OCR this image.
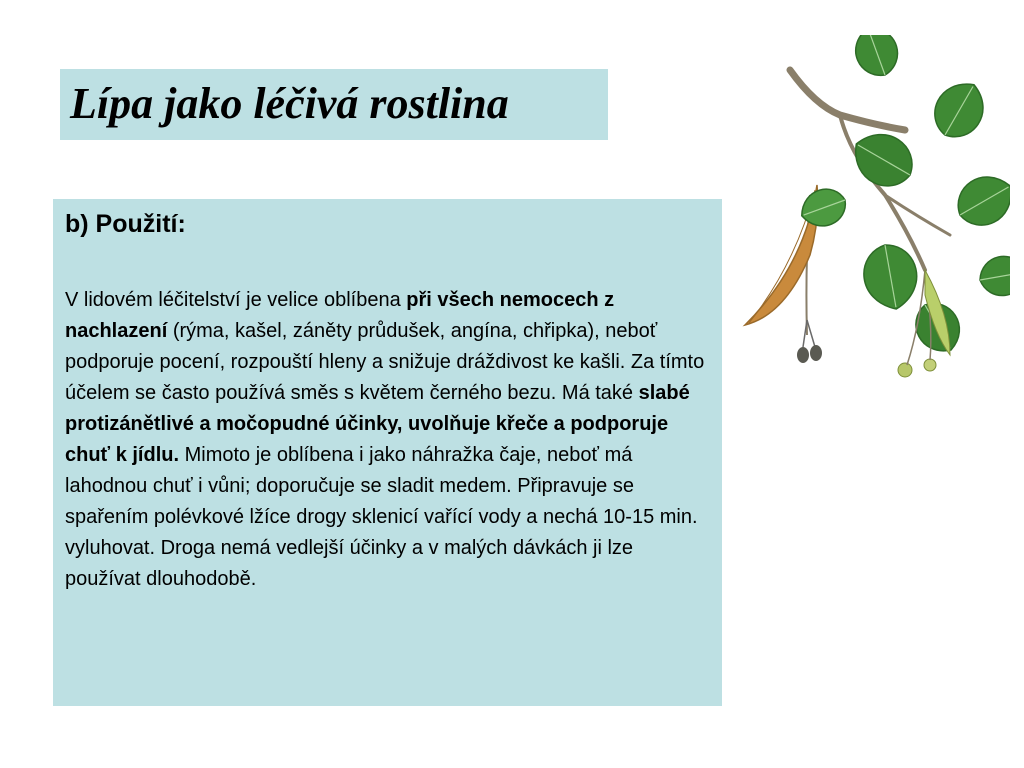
Lípa jako léčivá rostlina

b) Použití:

V lidovém léčitelství je velice oblíbena při všech nemocech z nachlazení (rýma, kašel, záněty průdušek, angína, chřipka), neboť podporuje pocení, rozpouští hleny a snižuje dráždivost ke kašli. Za tímto účelem se často používá směs s květem černého bezu. Má také slabé protizánětlivé a močopudné účinky, uvolňuje křeče a podporuje chuť k jídlu. Mimoto je oblíbena i jako náhražka čaje, neboť má lahodnou chuť i vůni; doporučuje se sladit medem. Připravuje se spařením polévkové lžíce drogy sklenicí vařící vody a nechá 10-15 min. vyluhovat. Droga nemá vedlejší účinky a v malých dávkách ji lze používat dlouhodobě.
